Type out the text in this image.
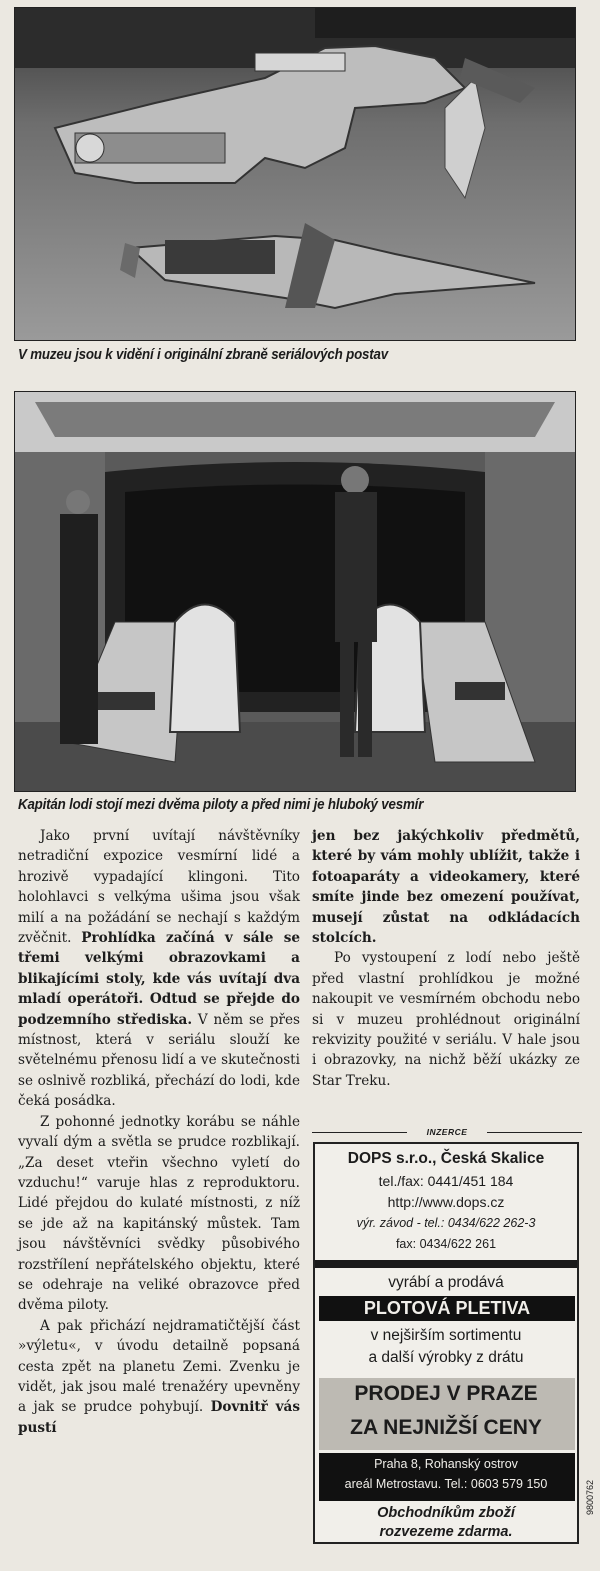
V muzeu jsou k vidění i originální zbraně seriálových postav
Kapitán lodi stojí mezi dvěma piloty a před nimi je hluboký vesmír

Jako první uvítají návštěvníky netradiční expozice vesmírní lidé a hrozivě vypadající klingoni. Tito holohlavci s velkýma ušima jsou však milí a na požádání se nechají s každým zvěčnit. Prohlídka začíná v sále se třemi velkými obrazovkami a blikajícími stoly, kde vás uvítají dva mladí operátoři. Odtud se přejde do podzemního střediska. V něm se přes místnost, která v seriálu slouží ke světelnému přenosu lidí a ve skutečnosti se oslnivě rozbliká, přechází do lodi, kde čeká posádka.

Z pohonné jednotky korábu se náhle vyvalí dým a světla se prudce rozblikají. „Za deset vteřin všechno vyletí do vzduchu!“ varuje hlas z reproduktoru. Lidé přejdou do kulaté místnosti, z níž se jde až na kapitánský můstek. Tam jsou návštěvníci svědky působivého rozstřílení nepřátelského objektu, které se odehraje na veliké obrazovce před dvěma piloty.

A pak přichází nejdramatičtější část »výletu«, v úvodu detailně popsaná cesta zpět na planetu Zemi. Zvenku je vidět, jak jsou malé trenažéry upevněny a jak se prudce pohybují. Dovnitř vás pustí

jen bez jakýchkoliv předmětů, které by vám mohly ublížit, takže i fotoaparáty a videokamery, které smíte jinde bez omezení používat, musejí zůstat na odkládacích stolcích.

Po vystoupení z lodí nebo ještě před vlastní prohlídkou je možné nakoupit ve vesmírném obchodu nebo si v muzeu prohlédnout originální rekvizity použité v seriálu. V hale jsou i obrazovky, na nichž běží ukázky ze Star Treku.

INZERCE
DOPS s.r.o., Česká Skalice
tel./fax: 0441/451 184
http://www.dops.cz
výr. závod - tel.: 0434/622 262-3
fax: 0434/622 261
vyrábí a prodává
PLOTOVÁ PLETIVA
v nejširším sortimentu
a další výrobky z drátu
PRODEJ V PRAZE
ZA NEJNIŽŠÍ CENY
Praha 8, Rohanský ostrov
areál Metrostavu. Tel.: 0603 579 150
Obchodníkům zboží
rozvezeme zdarma.
9800762
